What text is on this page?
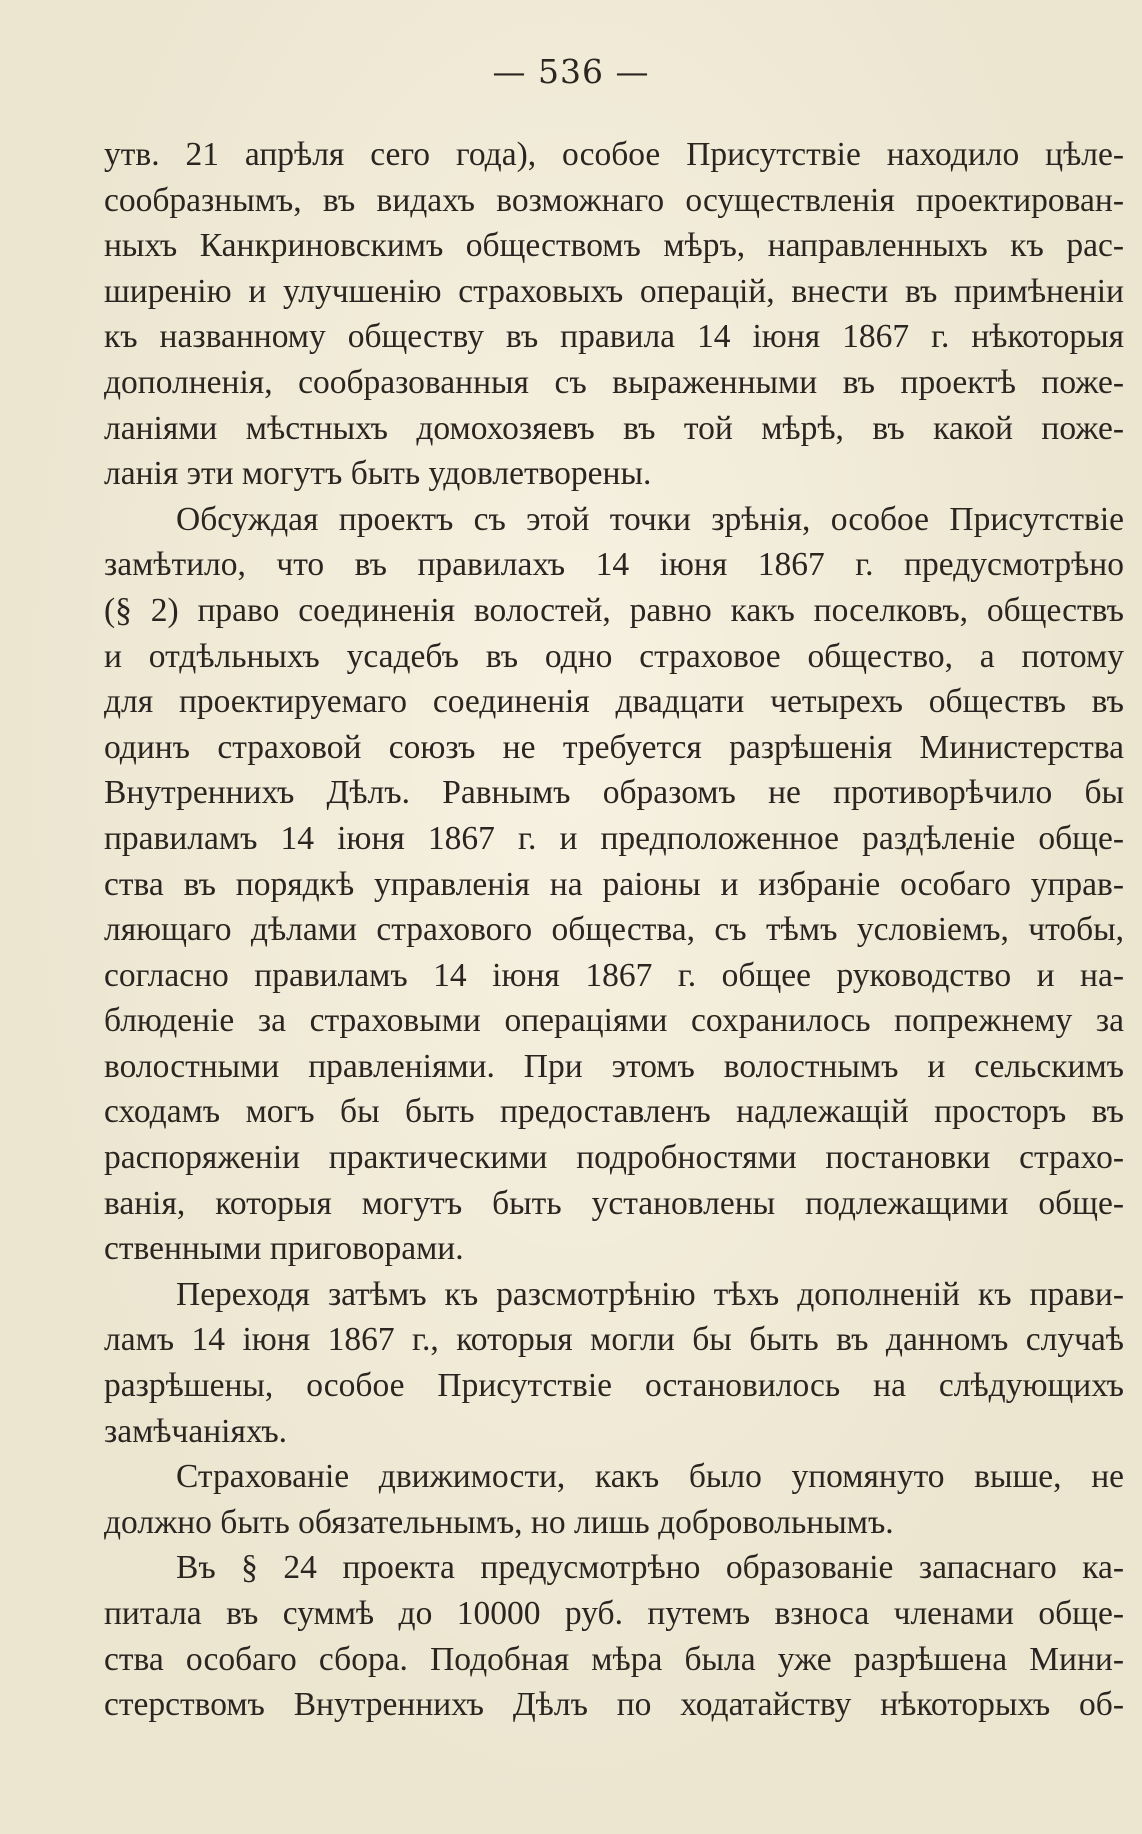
— 536 —
утв. 21 апрѣля сего года), особое Присутствіе находило цѣле-
сообразнымъ, въ видахъ возможнаго осуществленія проектирован-
ныхъ Канкриновскимъ обществомъ мѣръ, направленныхъ къ рас-
ширенію и улучшенію страховыхъ операцій, внести въ примѣненіи
къ названному обществу въ правила 14 іюня 1867 г. нѣкоторыя
дополненія, сообразованныя съ выраженными въ проектѣ поже-
ланіями мѣстныхъ домохозяевъ въ той мѣрѣ, въ какой поже-
ланія эти могутъ быть удовлетворены.
Обсуждая проектъ съ этой точки зрѣнія, особое Присутствіе
замѣтило, что въ правилахъ 14 іюня 1867 г. предусмотрѣно
(§ 2) право соединенія волостей, равно какъ поселковъ, обществъ
и отдѣльныхъ усадебъ въ одно страховое общество, а потому
для проектируемаго соединенія двадцати четырехъ обществъ въ
одинъ страховой союзъ не требуется разрѣшенія Министерства
Внутреннихъ Дѣлъ. Равнымъ образомъ не противорѣчило бы
правиламъ 14 іюня 1867 г. и предположенное раздѣленіе обще-
ства въ порядкѣ управленія на раіоны и избраніе особаго управ-
ляющаго дѣлами страхового общества, съ тѣмъ условіемъ, чтобы,
согласно правиламъ 14 іюня 1867 г. общее руководство и на-
блюденіе за страховыми операціями сохранилось попрежнему за
волостными правленіями. При этомъ волостнымъ и сельскимъ
сходамъ могъ бы быть предоставленъ надлежащій просторъ въ
распоряженіи практическими подробностями постановки страхо-
ванія, которыя могутъ быть установлены подлежащими обще-
ственными приговорами.
Переходя затѣмъ къ разсмотрѣнію тѣхъ дополненій къ прави-
ламъ 14 іюня 1867 г., которыя могли бы быть въ данномъ случаѣ
разрѣшены, особое Присутствіе остановилось на слѣдующихъ
замѣчаніяхъ.
Страхованіе движимости, какъ было упомянуто выше, не
должно быть обязательнымъ, но лишь добровольнымъ.
Въ § 24 проекта предусмотрѣно образованіе запаснаго ка-
питала въ суммѣ до 10000 руб. путемъ взноса членами обще-
ства особаго сбора. Подобная мѣра была уже разрѣшена Мини-
стерствомъ Внутреннихъ Дѣлъ по ходатайству нѣкоторыхъ об-
